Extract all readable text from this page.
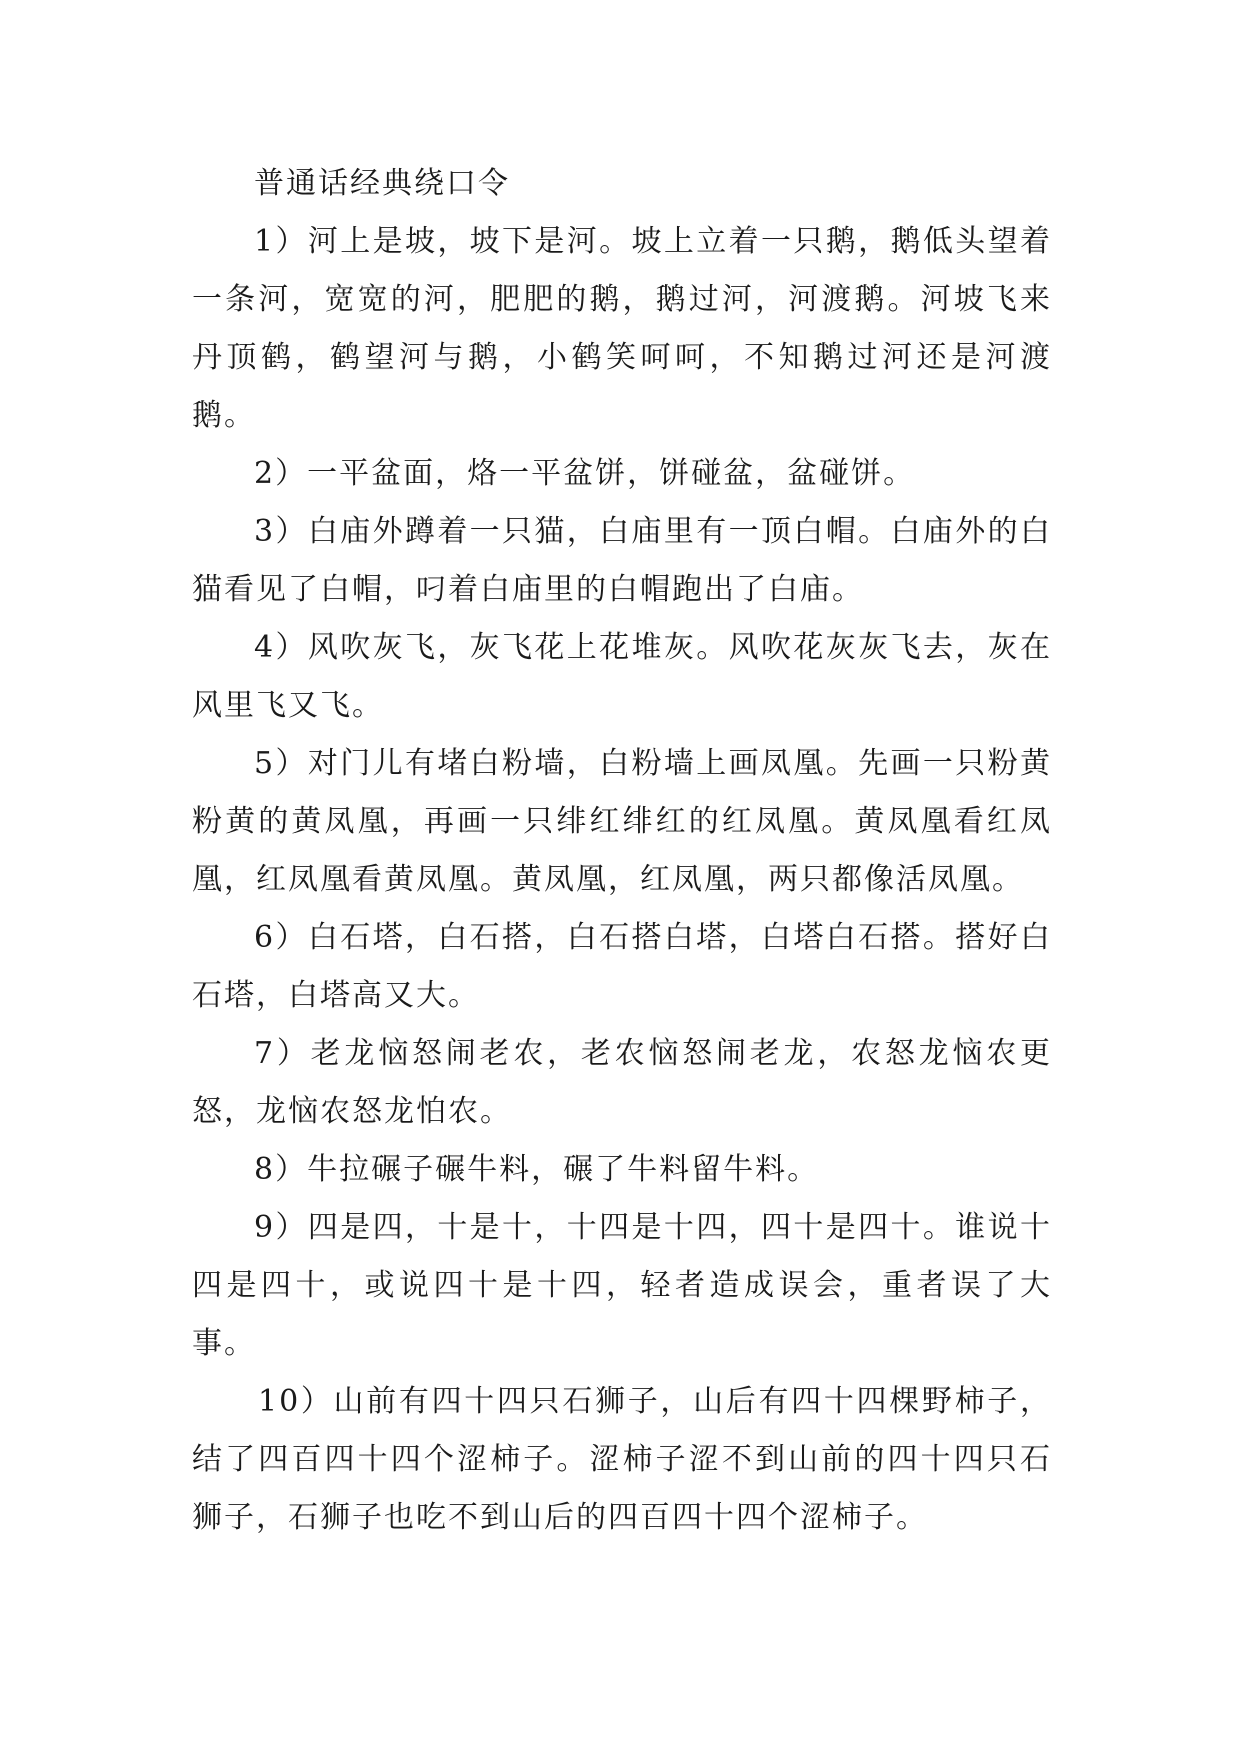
普通话经典绕口令

1）河上是坡，坡下是河。坡上立着一只鹅，鹅低头望着一条河，宽宽的河，肥肥的鹅，鹅过河，河渡鹅。河坡飞来丹顶鹤，鹤望河与鹅，小鹤笑呵呵，不知鹅过河还是河渡鹅。

2）一平盆面，烙一平盆饼，饼碰盆，盆碰饼。

3）白庙外蹲着一只猫，白庙里有一顶白帽。白庙外的白猫看见了白帽，叼着白庙里的白帽跑出了白庙。

4）风吹灰飞，灰飞花上花堆灰。风吹花灰灰飞去，灰在风里飞又飞。

5）对门儿有堵白粉墙，白粉墙上画凤凰。先画一只粉黄粉黄的黄凤凰，再画一只绯红绯红的红凤凰。黄凤凰看红凤凰，红凤凰看黄凤凰。黄凤凰，红凤凰，两只都像活凤凰。

6）白石塔，白石搭，白石搭白塔，白塔白石搭。搭好白石塔，白塔高又大。

7）老龙恼怒闹老农，老农恼怒闹老龙，农怒龙恼农更怒，龙恼农怒龙怕农。

8）牛拉碾子碾牛料，碾了牛料留牛料。

9）四是四，十是十，十四是十四，四十是四十。谁说十四是四十，或说四十是十四，轻者造成误会，重者误了大事。

10）山前有四十四只石狮子，山后有四十四棵野柿子，结了四百四十四个涩柿子。涩柿子涩不到山前的四十四只石狮子，石狮子也吃不到山后的四百四十四个涩柿子。
